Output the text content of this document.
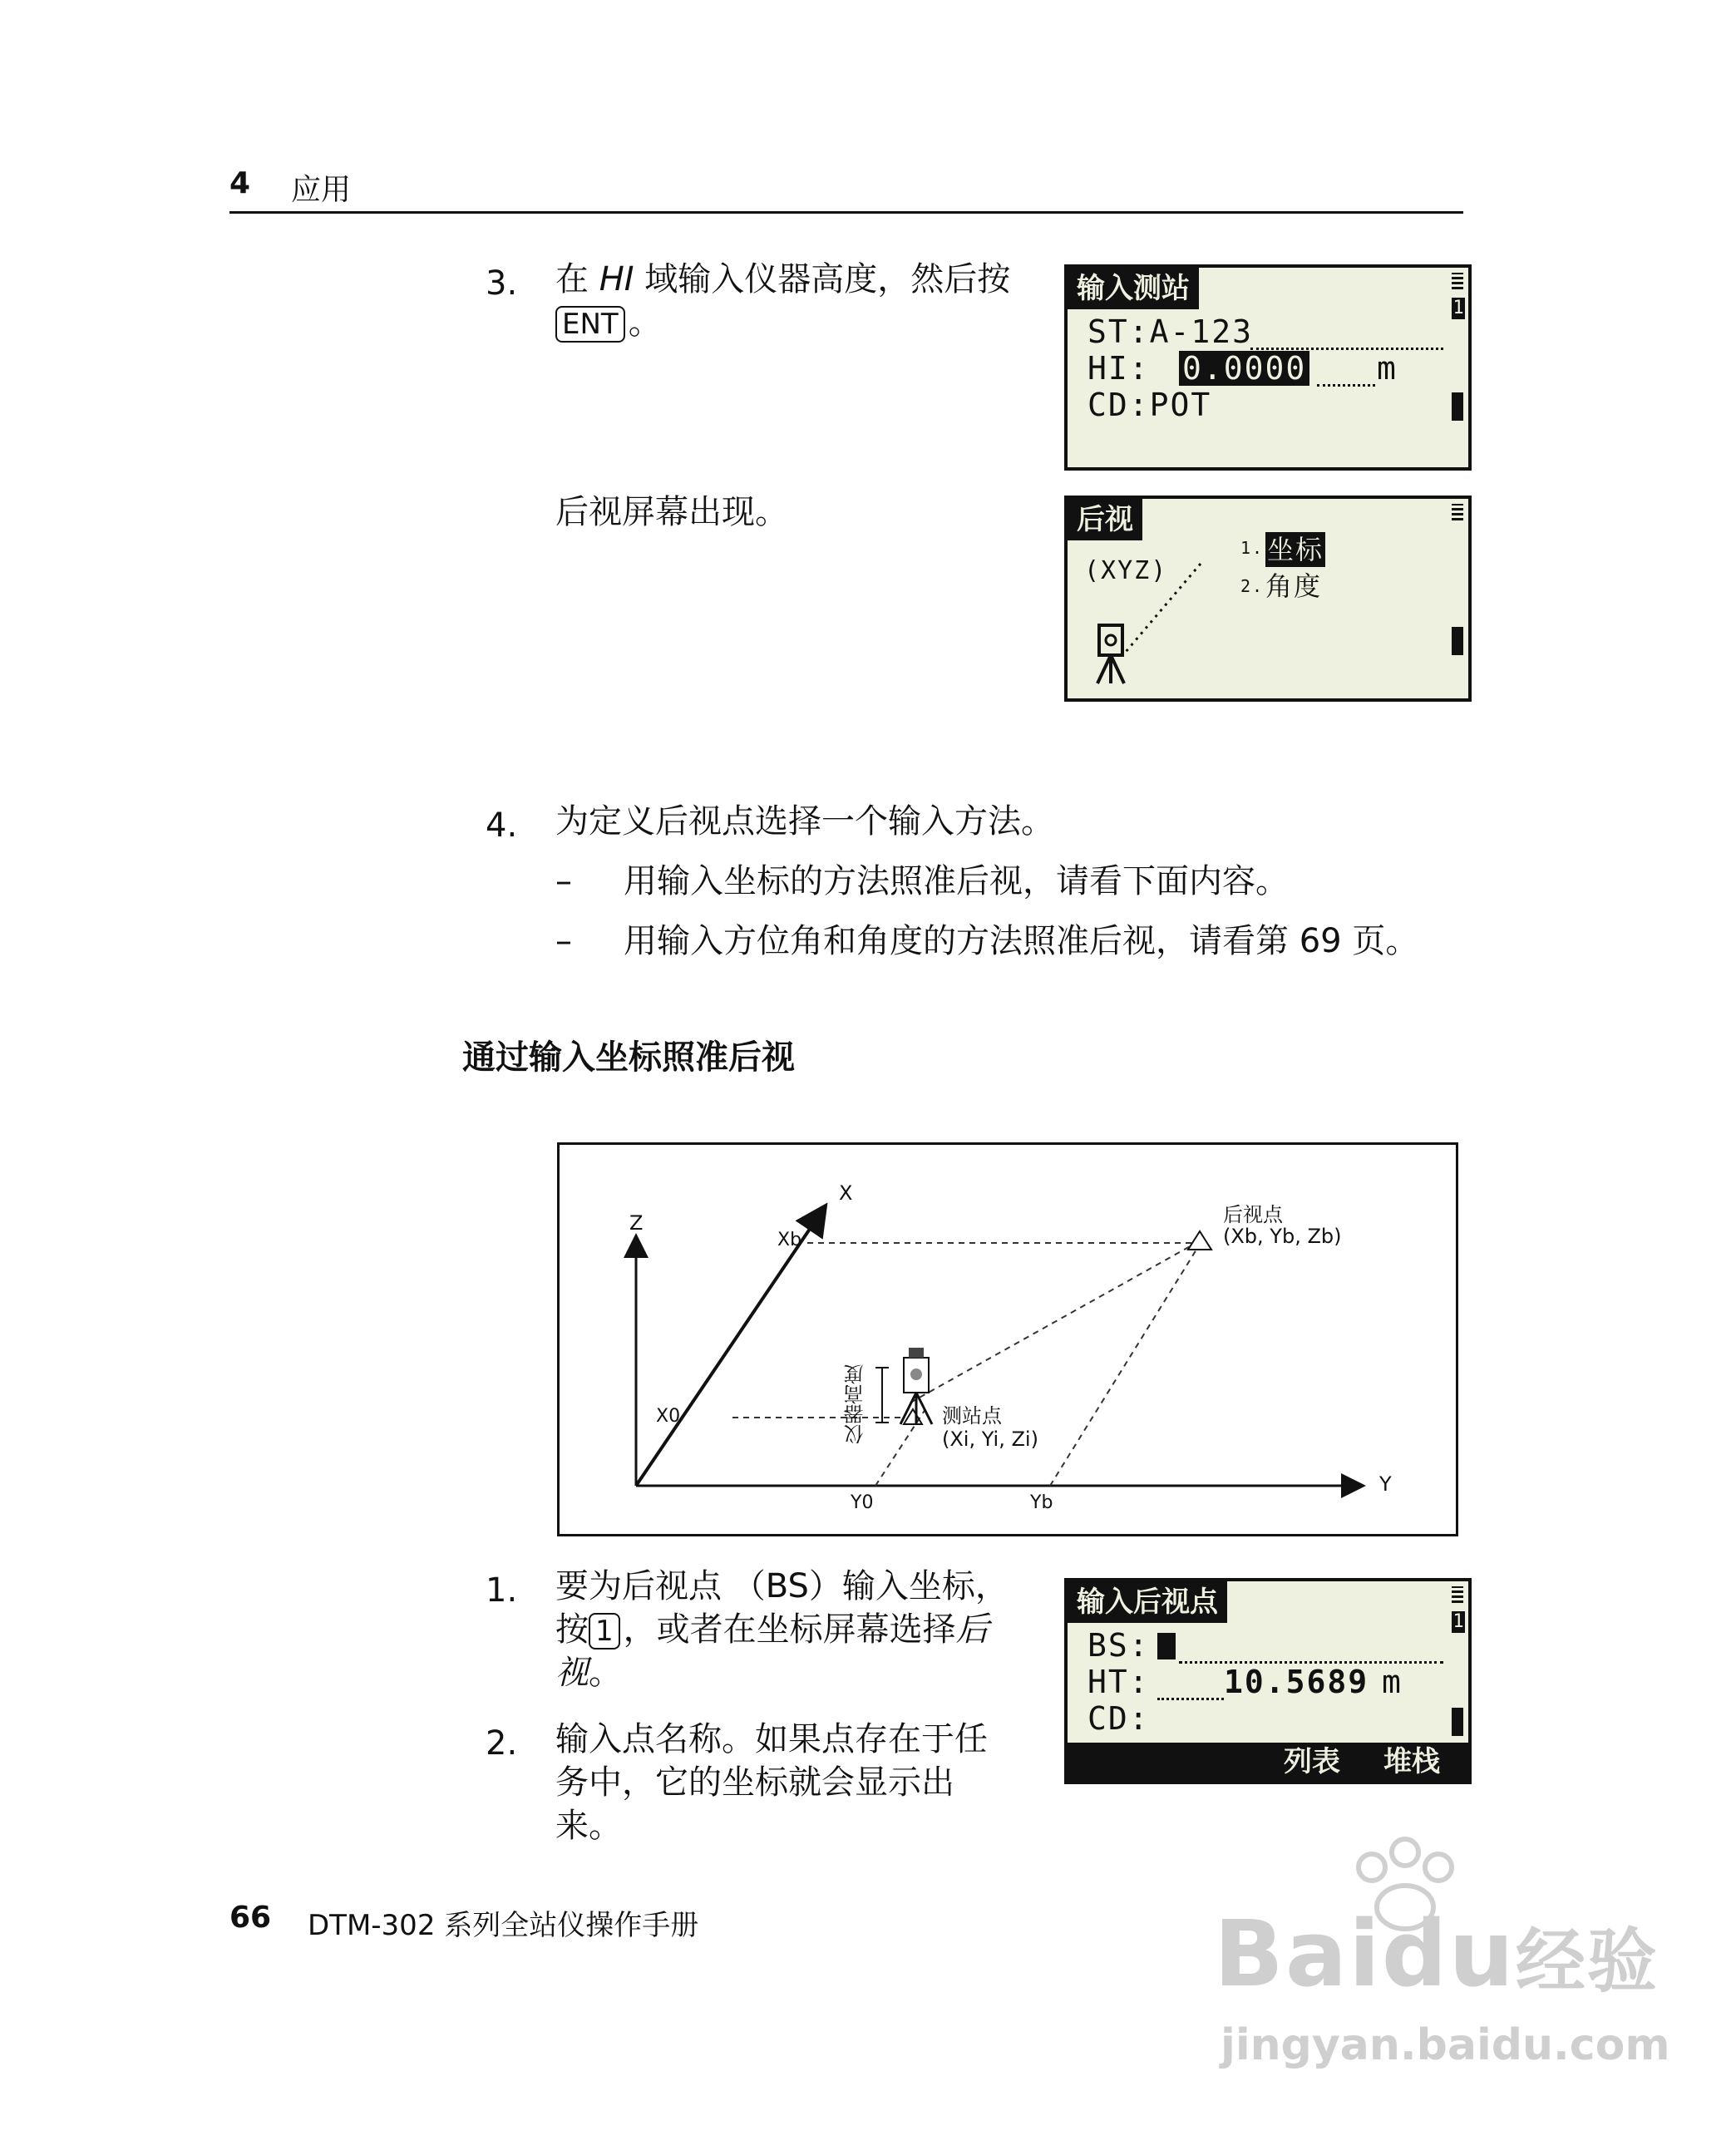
4 应用
3. 在 HI 域输入仪器高度，然后按
ENT 。
后视屏幕出现。
输入测站
1
ST:A-123
HI: 0.0000 m
CD:POT
后视
(XYZ)
1. 坐标
2. 角度
4. 为定义后视点选择一个输入方法。
– 用输入坐标的方法照准后视，请看下面内容。
– 用输入方位角和角度的方法照准后视，请看第 69 页。
通过输入坐标照准后视
X
Z
Y
Xb
X0
Y0	Yb
后视点
(Xb, Yb, Zb)
测站点
(Xi, Yi, Zi)
仪器高度
1. 要为后视点 （BS）输入坐标，
按 1 ，或者在坐标屏幕选择后
视。
2. 输入点名称。如果点存在于任
务中，它的坐标就会显示出
来。
输入后视点
1
BS:
HT: 10.5689 m
CD:
列表 堆栈
66 DTM-302 系列全站仪操作手册	Baidu经验
jingyan.baidu.com
